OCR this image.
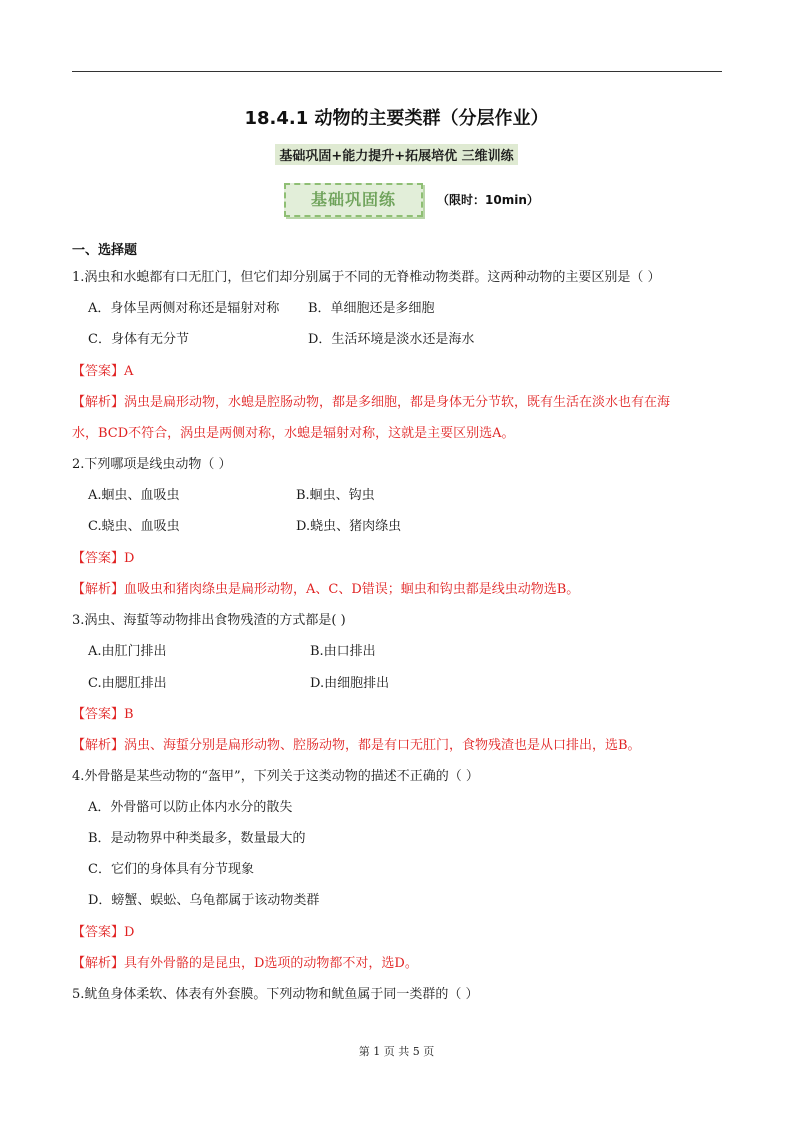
18.4.1 动物的主要类群（分层作业）
基础巩固+能力提升+拓展培优 三维训练
基础巩固练	（限时：10min）
一、选择题
1.涡虫和水螅都有口无肛门，但它们却分别属于不同的无脊椎动物类群。这两种动物的主要区别是（ ）
A．身体呈两侧对称还是辐射对称 B．单细胞还是多细胞
C．身体有无分节	D．生活环境是淡水还是海水
【答案】A
【解析】涡虫是扁形动物，水螅是腔肠动物，都是多细胞，都是身体无分节软，既有生活在淡水也有在海
水，BCD不符合，涡虫是两侧对称，水螅是辐射对称，这就是主要区别选A。
2.下列哪项是线虫动物（ ）
A.蛔虫、血吸虫	B.蛔虫、钩虫
C.蛲虫、血吸虫	D.蛲虫、猪肉绦虫
【答案】D
【解析】血吸虫和猪肉绦虫是扁形动物，A、C、D错误；蛔虫和钩虫都是线虫动物选B。
3.涡虫、海蜇等动物排出食物残渣的方式都是( )
A.由肛门排出	B.由口排出
C.由腮肛排出	D.由细胞排出
【答案】B
【解析】涡虫、海蜇分别是扁形动物、腔肠动物，都是有口无肛门，食物残渣也是从口排出，选B。
4.外骨骼是某些动物的“盔甲”，下列关于这类动物的描述不正确的（ ）
A．外骨骼可以防止体内水分的散失
B．是动物界中种类最多，数量最大的
C．它们的身体具有分节现象
D．螃蟹、蜈蚣、乌龟都属于该动物类群
【答案】D
【解析】具有外骨骼的是昆虫，D选项的动物都不对，选D。
5.鱿鱼身体柔软、体表有外套膜。下列动物和鱿鱼属于同一类群的（ ）
第 1 页 共 5 页
